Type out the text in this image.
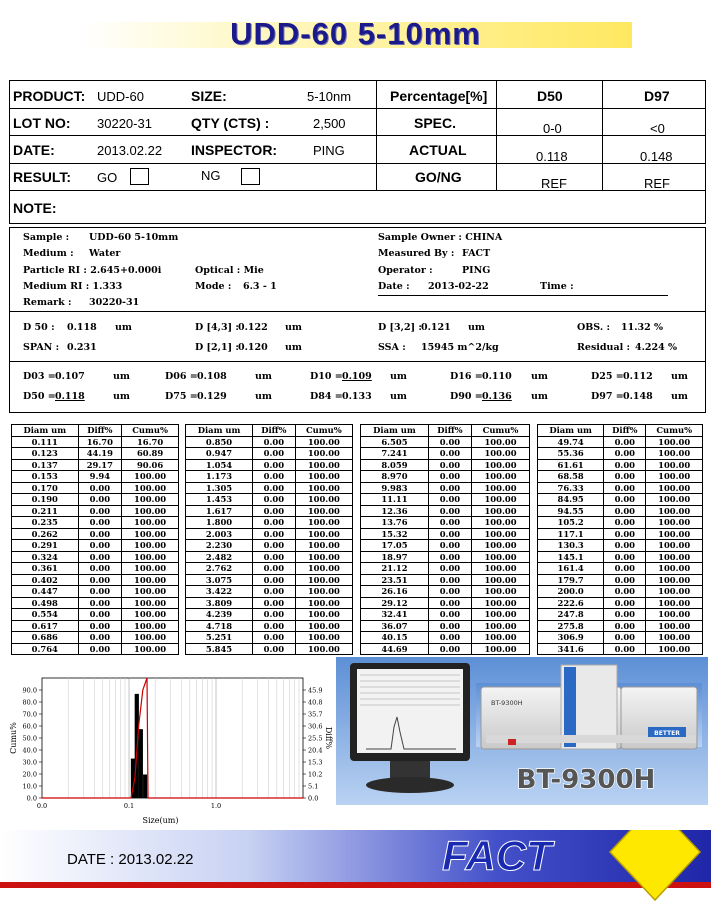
UDD-60 5-10mm
PRODUCT: UDD-60	SIZE:	5-10nm	Percentage[%]	D50	D97
LOT NO: 30220-31	QTY (CTS) :	2,500	SPEC.	0-0	<0
DATE:	2013.02.22 INSPECTOR:	PING	ACTUAL	0.118	0.148
RESULT: GO	NG	GO/NG	REF	REF
NOTE:
Sample : UDD-60 5-10mm	Sample Owner : CHINA
Medium : Water	Measured By : FACT
Particle RI : 2.645+0.000i	Optical : Mie	Operator :	PING
Medium RI : 1.333	Mode : 6.3 - 1	Date : 2013-02-22	Time :
Remark : 30220-31
D 50 : 0.118 um	D [4,3] : 0.122 um	D [3,2] : 0.121 um	OBS. : 11.32 %
SPAN : 0.231	D [2,1] : 0.120 um	SSA : 15945 m^2/kg	Residual : 4.224 %
D03 = 0.107	um	D06 = 0.108	um	D10 = 0.109 um	D16 = 0.110 um	D25 = 0.112 um
D50 = 0.118	um	D75 = 0.129	um	D84 = 0.133 um	D90 = 0.136 um	D97 = 0.148 um
Diam um	Diff%	Cumu%
0.111	16.70	16.70
0.123	44.19	60.89
0.137	29.17	90.06
0.153	9.94	100.00
0.170	0.00	100.00
0.190	0.00	100.00
0.211	0.00	100.00
0.235	0.00	100.00
0.262	0.00	100.00
0.291	0.00	100.00
0.324	0.00	100.00
0.361	0.00	100.00
0.402	0.00	100.00
0.447	0.00	100.00
0.498	0.00	100.00
0.554	0.00	100.00
0.617	0.00	100.00
0.686	0.00	100.00
0.764	0.00	100.00
Diam um	Diff%	Cumu%
0.850	0.00	100.00
0.947	0.00	100.00
1.054	0.00	100.00
1.173	0.00	100.00
1.305	0.00	100.00
1.453	0.00	100.00
1.617	0.00	100.00
1.800	0.00	100.00
2.003	0.00	100.00
2.230	0.00	100.00
2.482	0.00	100.00
2.762	0.00	100.00
3.075	0.00	100.00
3.422	0.00	100.00
3.809	0.00	100.00
4.239	0.00	100.00
4.718	0.00	100.00
5.251	0.00	100.00
5.845	0.00	100.00
Diam um	Diff%	Cumu%
6.505	0.00	100.00
7.241	0.00	100.00
8.059	0.00	100.00
8.970	0.00	100.00
9.983	0.00	100.00
11.11	0.00	100.00
12.36	0.00	100.00
13.76	0.00	100.00
15.32	0.00	100.00
17.05	0.00	100.00
18.97	0.00	100.00
21.12	0.00	100.00
23.51	0.00	100.00
26.16	0.00	100.00
29.12	0.00	100.00
32.41	0.00	100.00
36.07	0.00	100.00
40.15	0.00	100.00
44.69	0.00	100.00
Diam um	Diff%	Cumu%
49.74	0.00	100.00
55.36	0.00	100.00
61.61	0.00	100.00
68.58	0.00	100.00
76.33	0.00	100.00
84.95	0.00	100.00
94.55	0.00	100.00
105.2	0.00	100.00
117.1	0.00	100.00
130.3	0.00	100.00
145.1	0.00	100.00
161.4	0.00	100.00
179.7	0.00	100.00
200.0	0.00	100.00
222.6	0.00	100.00
247.8	0.00	100.00
275.8	0.00	100.00
306.9	0.00	100.00
341.6	0.00	100.00
0.0
10.0
20.0
30.0
40.0
50.0
60.0
70.0
80.0
90.0
0.0
5.1
10.2
15.3
20.4
25.5
30.6
35.7
40.8
45.9
0.0	0.1	1.0
Size(um)
Cumu%	Diff%	BETTER
BT-9300H
BT-9300H
FACT
DATE : 2013.02.22
